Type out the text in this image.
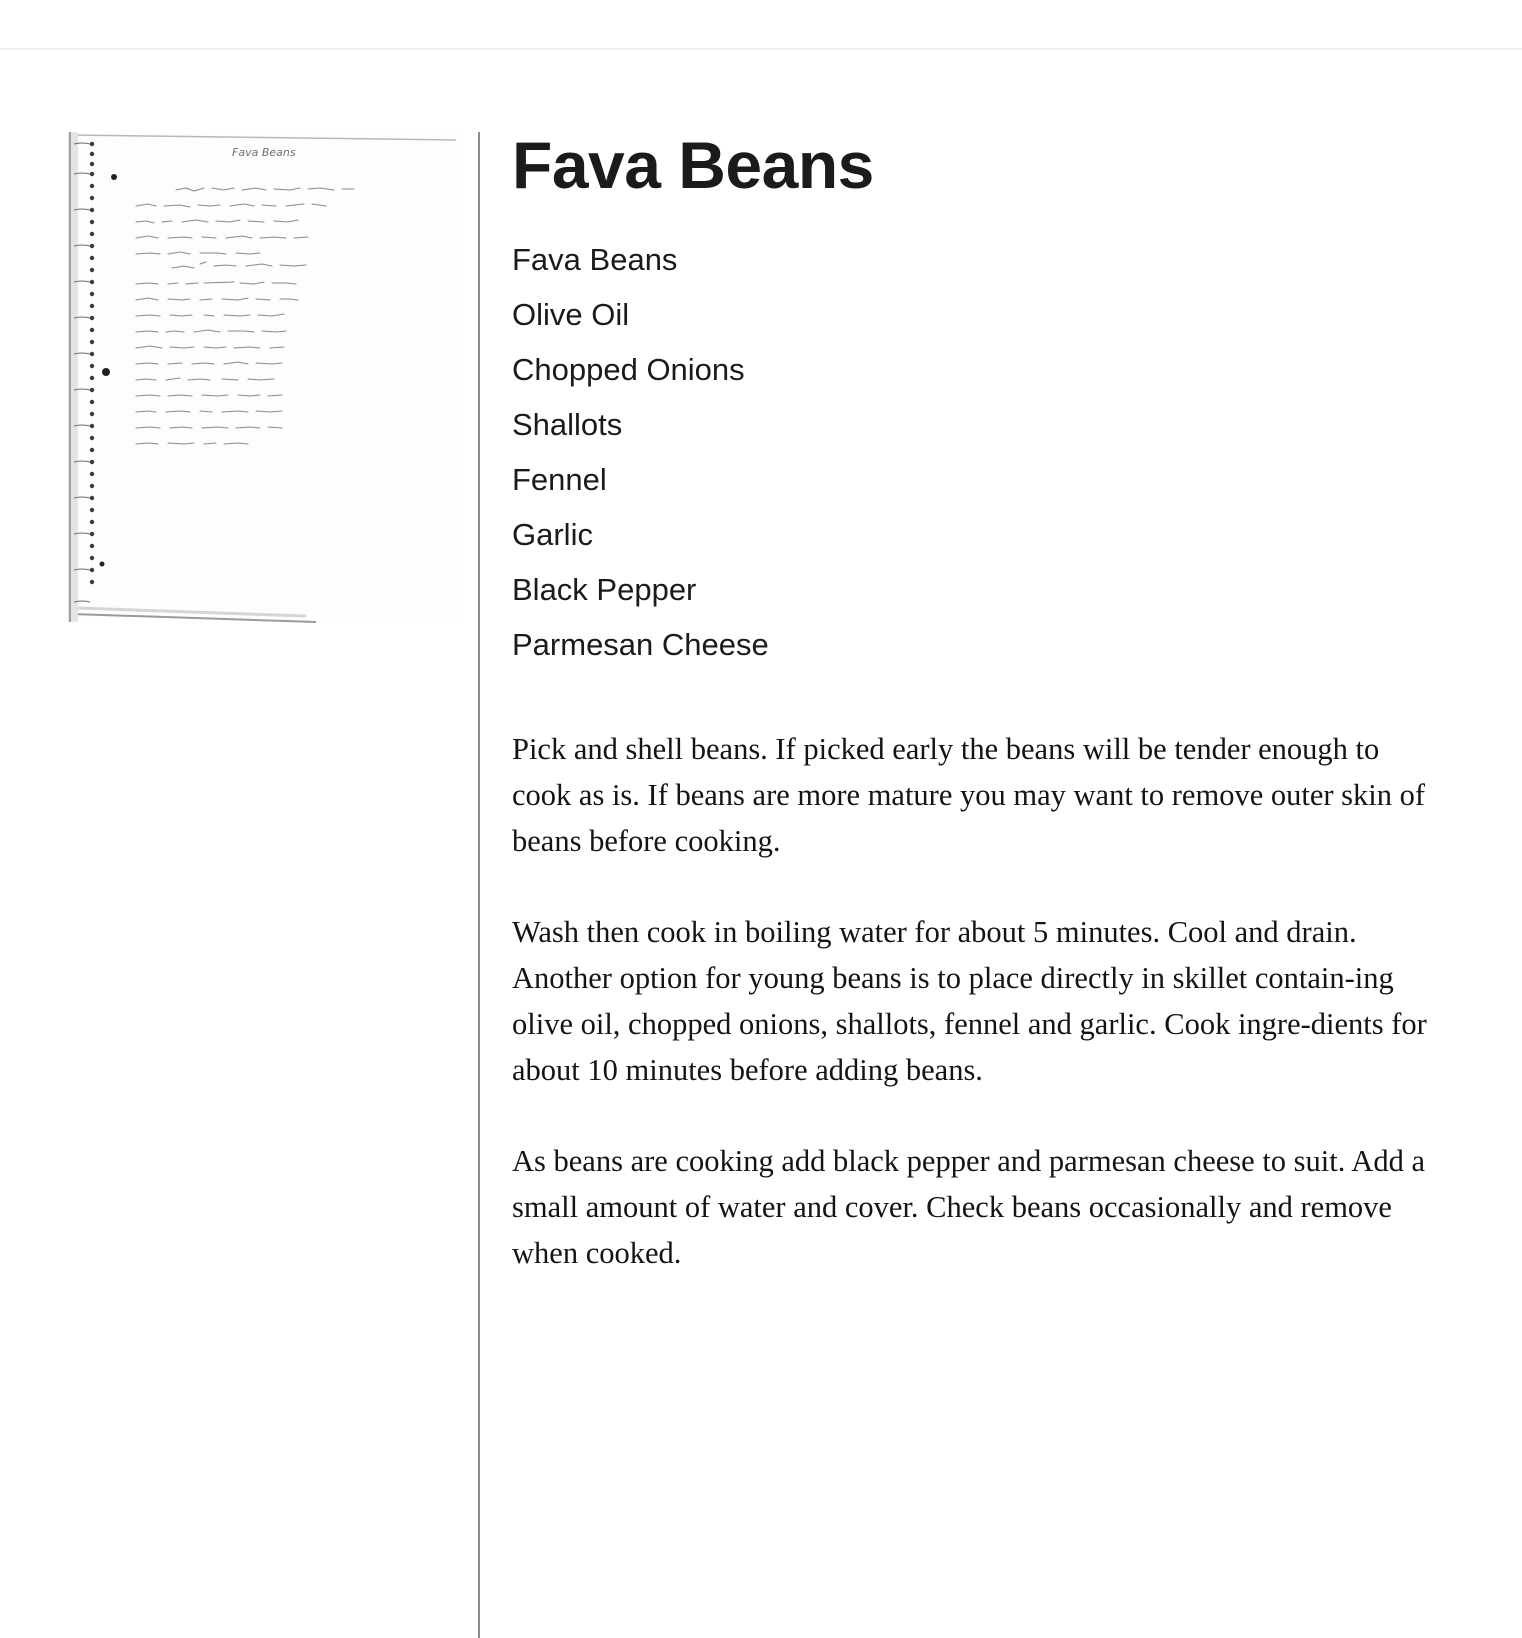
Fava Beans	Fava Beans
Fava Beans
Olive Oil
Chopped Onions
Shallots
Fennel
Garlic
Black Pepper
Parmesan Cheese

Pick and shell beans. If picked early the beans will be tender enough to cook as is. If beans are more mature you may want to remove outer skin of beans before cooking.

Wash then cook in boiling water for about 5 minutes. Cool and drain. Another option for young beans is to place directly in skillet contain-ing olive oil, chopped onions, shallots, fennel and garlic. Cook ingre-dients for about 10 minutes before adding beans.

As beans are cooking add black pepper and parmesan cheese to suit. Add a small amount of water and cover. Check beans occasionally and remove when cooked.
